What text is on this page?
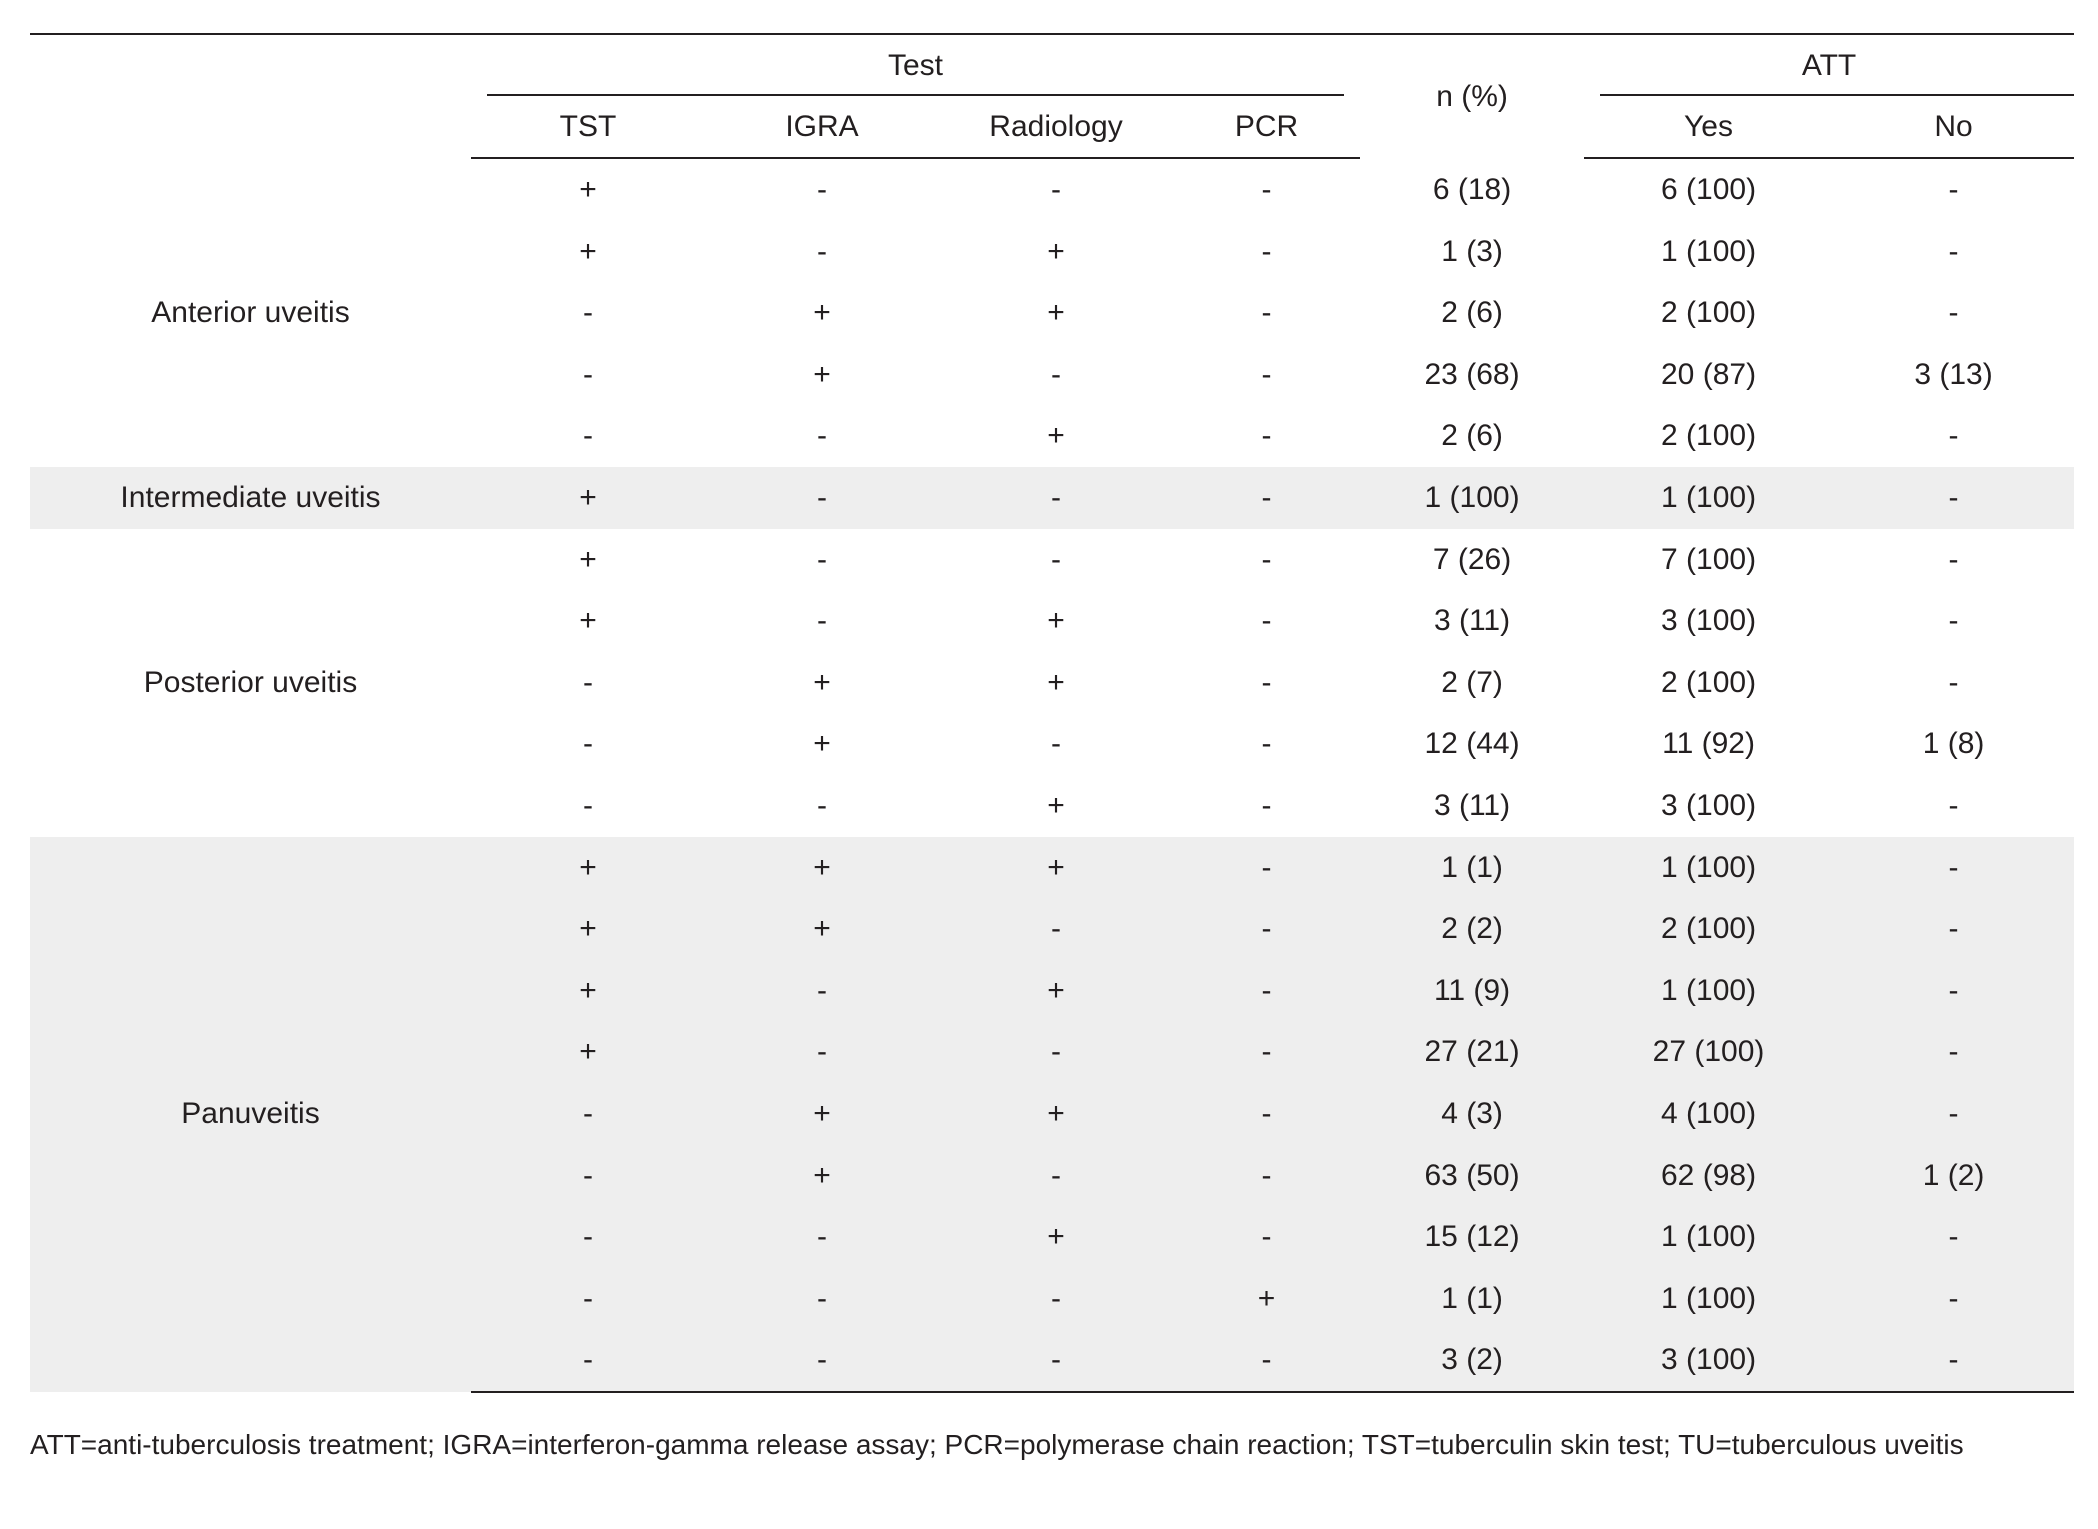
	Test				n (%)	ATT	
	TST	IGRA	Radiology	PCR		Yes	No
Anterior uveitis	+	-	-	-	6 (18)	6 (100)	-
	+	-	+	-	1 (3)	1 (100)	-
	-	+	+	-	2 (6)	2 (100)	-
	-	+	-	-	23 (68)	20 (87)	3 (13)
	-	-	+	-	2 (6)	2 (100)	-
Intermediate uveitis	+	-	-	-	1 (100)	1 (100)	-
Posterior uveitis	+	-	-	-	7 (26)	7 (100)	-
	+	-	+	-	3 (11)	3 (100)	-
	-	+	+	-	2 (7)	2 (100)	-
	-	+	-	-	12 (44)	11 (92)	1 (8)
	-	-	+	-	3 (11)	3 (100)	-
Panuveitis	+	+	+	-	1 (1)	1 (100)	-
	+	+	-	-	2 (2)	2 (100)	-
	+	-	+	-	11 (9)	1 (100)	-
	+	-	-	-	27 (21)	27 (100)	-
	-	+	+	-	4 (3)	4 (100)	-
	-	+	-	-	63 (50)	62 (98)	1 (2)
	-	-	+	-	15 (12)	1 (100)	-
	-	-	-	+	1 (1)	1 (100)	-
	-	-	-	-	3 (2)	3 (100)	-
ATT=anti-tuberculosis treatment; IGRA=interferon-gamma release assay; PCR=polymerase chain reaction; TST=tuberculin skin test; TU=tuberculous uveitis
